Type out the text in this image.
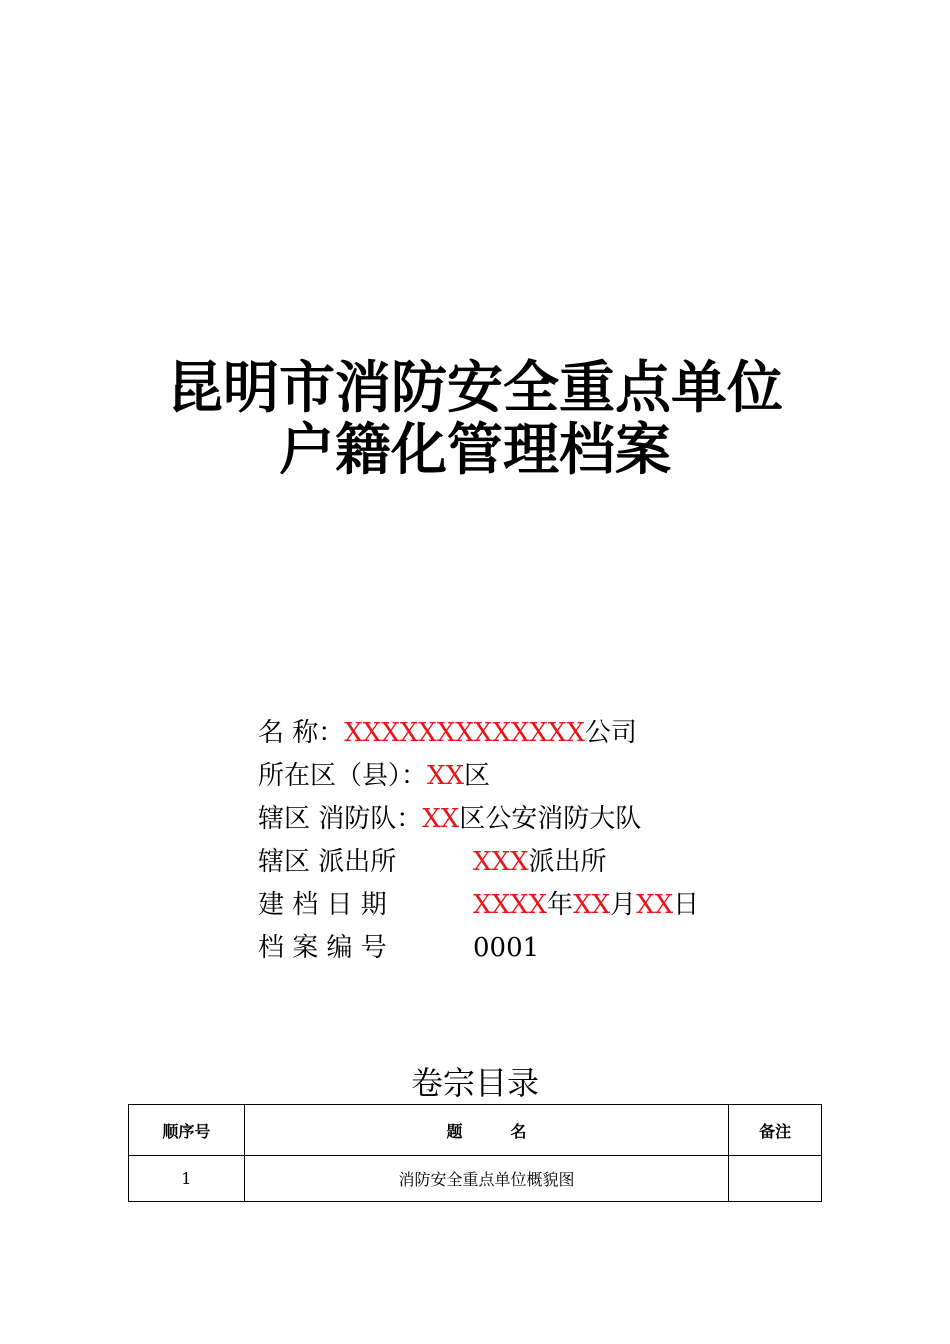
昆明市消防安全重点单位
户籍化管理档案
名 称：XXXXXXXXXXXXX公司
所在区（县）：XX区
辖区 消防队：XX区公安消防大队
辖区 派出所	XXX派出所
建 档 日 期	XXXX年XX月XX日
档 案 编 号	0001
卷宗目录
顺序号	题　　　名	备注
1	消防安全重点单位概貌图	
